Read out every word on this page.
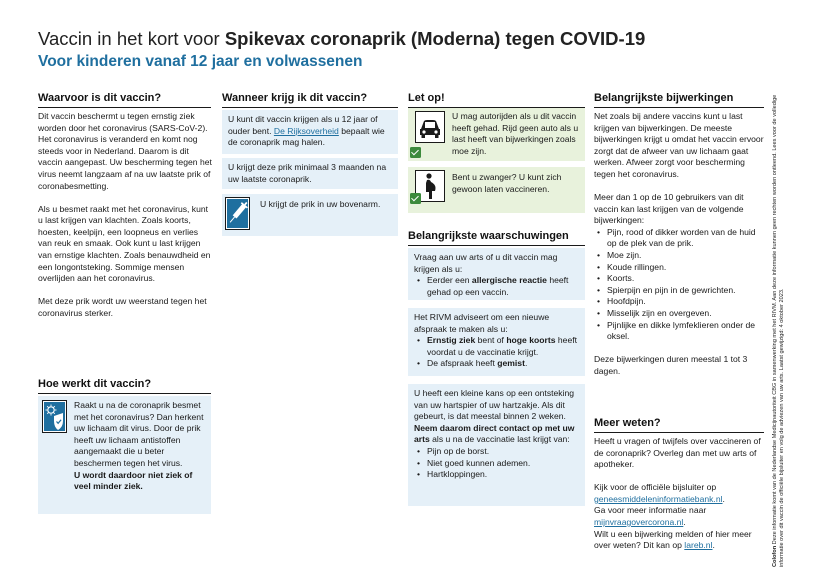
Vaccin in het kort voor Spikevax coronaprik (Moderna) tegen COVID-19
Voor kinderen vanaf 12 jaar en volwassenen
Waarvoor is dit vaccin?

Dit vaccin beschermt u tegen ernstig ziek worden door het coronavirus (SARS-CoV-2). Het coronavirus is veranderd en komt nog steeds voor in Nederland. Daarom is dit vaccin aangepast. Uw bescherming tegen het virus neemt langzaam af na uw laatste prik of coronabesmetting.

Als u besmet raakt met het coronavirus, kunt u last krijgen van klachten. Zoals koorts, hoesten, keelpijn, een loopneus en verlies van reuk en smaak. Ook kunt u last krijgen van ernstige klachten. Zoals benauwdheid en een longontsteking. Sommige mensen overlijden aan het coronavirus.

Met deze prik wordt uw weerstand tegen het coronavirus sterker.

Hoe werkt dit vaccin?
Raakt u na de coronaprik besmet met het coronavirus? Dan herkent uw lichaam dit virus. Door de prik heeft uw lichaam antistoffen aangemaakt die u beter beschermen tegen het virus.
U wordt daardoor niet ziek of veel minder ziek.
Wanneer krijg ik dit vaccin?
U kunt dit vaccin krijgen als u 12 jaar of ouder bent. De Rijksoverheid bepaalt wie de coronaprik mag halen.
U krijgt deze prik minimaal 3 maanden na uw laatste coronaprik.
U krijgt de prik in uw bovenarm.
Let op!
U mag autorijden als u dit vaccin heeft gehad. Rijd geen auto als u last heeft van bijwerkingen zoals moe zijn.
Bent u zwanger? U kunt zich gewoon laten vaccineren.
Belangrijkste waarschuwingen
Vraag aan uw arts of u dit vaccin mag krijgen als u:
• Eerder een allergische reactie heeft gehad op een vaccin.
Het RIVM adviseert om een nieuwe afspraak te maken als u:
• Ernstig ziek bent of hoge koorts heeft voordat u de vaccinatie krijgt.
• De afspraak heeft gemist.
U heeft een kleine kans op een ontsteking van uw hartspier of uw hartzakje. Als dit gebeurt, is dat meestal binnen 2 weken. Neem daarom direct contact op met uw arts als u na de vaccinatie last krijgt van:
• Pijn op de borst.
• Niet goed kunnen ademen.
• Hartkloppingen.
Belangrijkste bijwerkingen

Net zoals bij andere vaccins kunt u last krijgen van bijwerkingen. De meeste bijwerkingen krijgt u omdat het vaccin ervoor zorgt dat de afweer van uw lichaam gaat werken. Afweer zorgt voor bescherming tegen het coronavirus.

Meer dan 1 op de 10 gebruikers van dit vaccin kan last krijgen van de volgende bijwerkingen:
• Pijn, rood of dikker worden van de huid op de plek van de prik.
• Moe zijn.
• Koude rillingen.
• Koorts.
• Spierpijn en pijn in de gewrichten.
• Hoofdpijn.
• Misselijk zijn en overgeven.
• Pijnlijke en dikke lymfeklieren onder de oksel.

Deze bijwerkingen duren meestal 1 tot 3 dagen.

Meer weten?

Heeft u vragen of twijfels over vaccineren of de coronaprik? Overleg dan met uw arts of apotheker.

Kijk voor de officiële bijsluiter op geneesmiddeleninformatiebank.nl.
Ga voor meer informatie naar mijnvraagovercorona.nl.
Wilt u een bijwerking melden of hier meer over weten? Dit kan op lareb.nl.
Colofon Deze informatie komt van de Nederlandse Medicijnautoriteit CBG in samenwerking met het RIVM. Aan deze informatie kunnen geen rechten worden ontleend. Lees voor de volledige informatie over dit vaccin de officiële bijsluiter en volg de adviezen van uw arts. Laatst gewijzigd: 4 oktober 2023.
